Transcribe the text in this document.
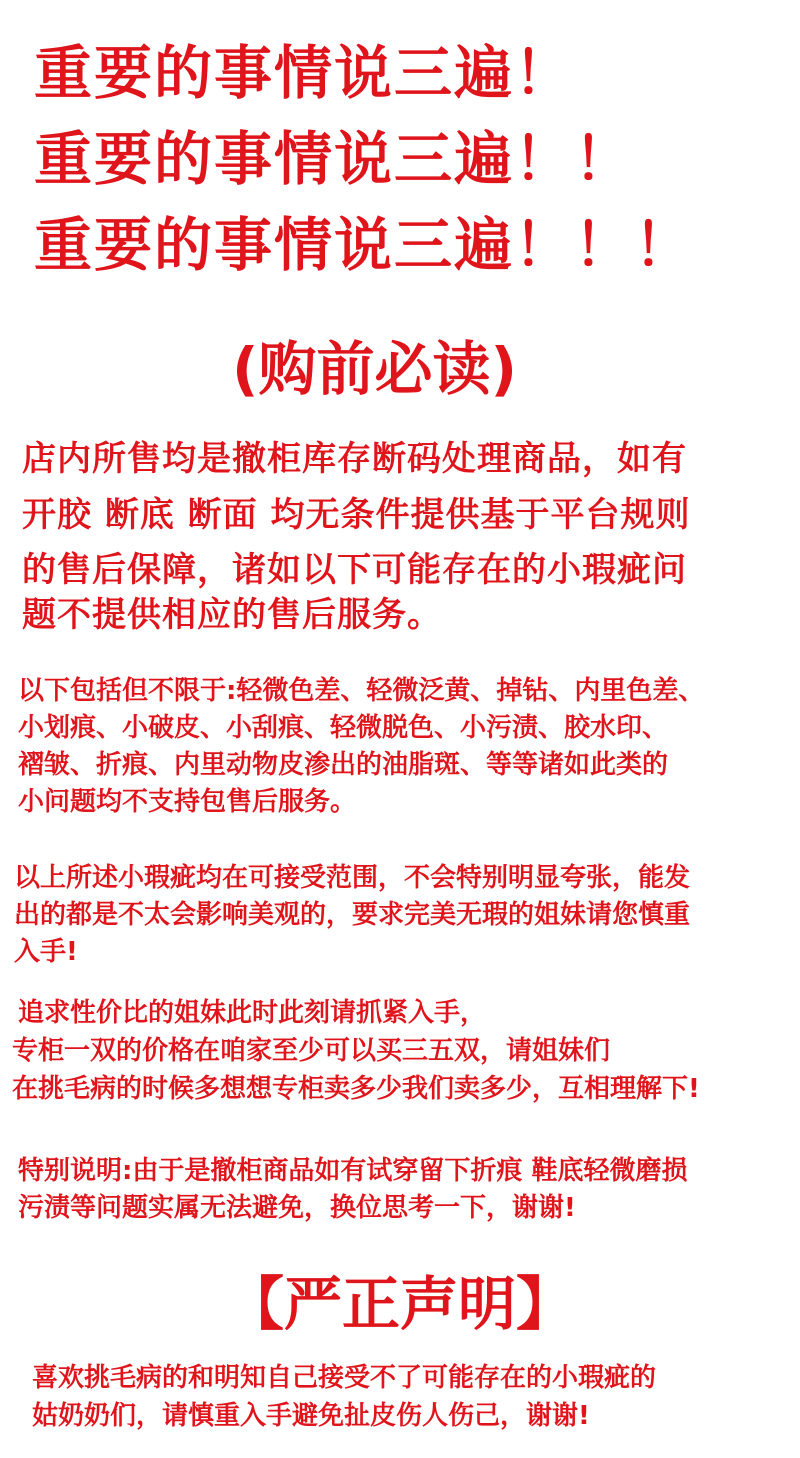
重要的事情说三遍！
重要的事情说三遍！！
重要的事情说三遍！！！
(购前必读)
店内所售均是撤柜库存断码处理商品，如有
开胶 断底 断面 均无条件提供基于平台规则
的售后保障，诸如以下可能存在的小瑕疵问
题不提供相应的售后服务。
以下包括但不限于:轻微色差、轻微泛黄、掉钻、内里色差、
小划痕、小破皮、小刮痕、轻微脱色、小污渍、胶水印、
褶皱、折痕、内里动物皮渗出的油脂斑、等等诸如此类的
小问题均不支持包售后服务。
以上所述小瑕疵均在可接受范围，不会特别明显夸张，能发
出的都是不太会影响美观的，要求完美无瑕的姐妹请您慎重
入手!
追求性价比的姐妹此时此刻请抓紧入手，
专柜一双的价格在咱家至少可以买三五双，请姐妹们
在挑毛病的时候多想想专柜卖多少我们卖多少，互相理解下!
特别说明:由于是撤柜商品如有试穿留下折痕 鞋底轻微磨损
污渍等问题实属无法避免，换位思考一下，谢谢!
【严正声明】
喜欢挑毛病的和明知自己接受不了可能存在的小瑕疵的
姑奶奶们，请慎重入手避免扯皮伤人伤己，谢谢!
